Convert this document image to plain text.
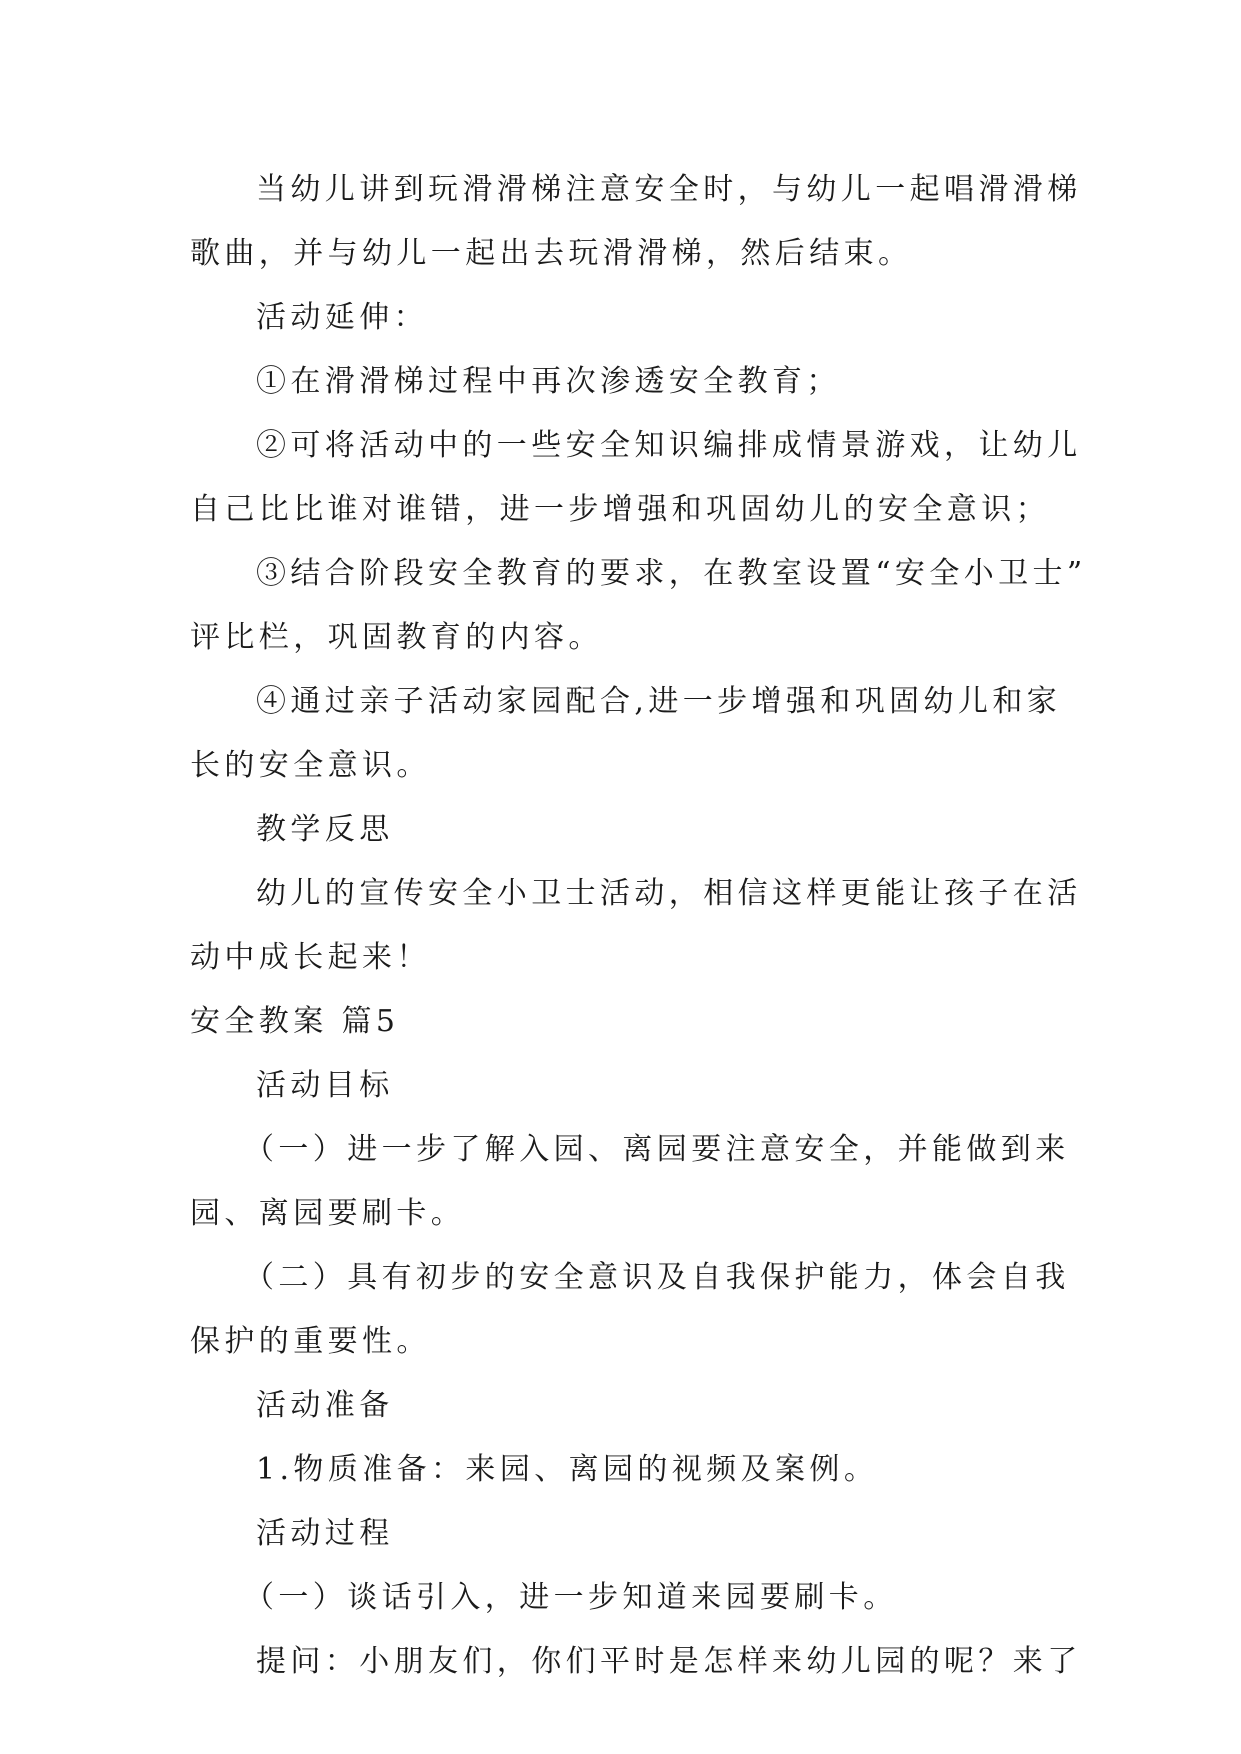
当幼儿讲到玩滑滑梯注意安全时，与幼儿一起唱滑滑梯

歌曲，并与幼儿一起出去玩滑滑梯，然后结束。

活动延伸：

①在滑滑梯过程中再次渗透安全教育；

②可将活动中的一些安全知识编排成情景游戏，让幼儿

自己比比谁对谁错，进一步增强和巩固幼儿的安全意识；

③结合阶段安全教育的要求，在教室设置“安全小卫士”

评比栏，巩固教育的内容。

④通过亲子活动家园配合,进一步增强和巩固幼儿和家

长的安全意识。

教学反思

幼儿的宣传安全小卫士活动，相信这样更能让孩子在活

动中成长起来！

安全教案 篇5

活动目标

（一）进一步了解入园、离园要注意安全，并能做到来

园、离园要刷卡。

（二）具有初步的安全意识及自我保护能力，体会自我

保护的重要性。

活动准备

1.物质准备：来园、离园的视频及案例。

活动过程

（一）谈话引入，进一步知道来园要刷卡。

提问：小朋友们，你们平时是怎样来幼儿园的呢？来了
